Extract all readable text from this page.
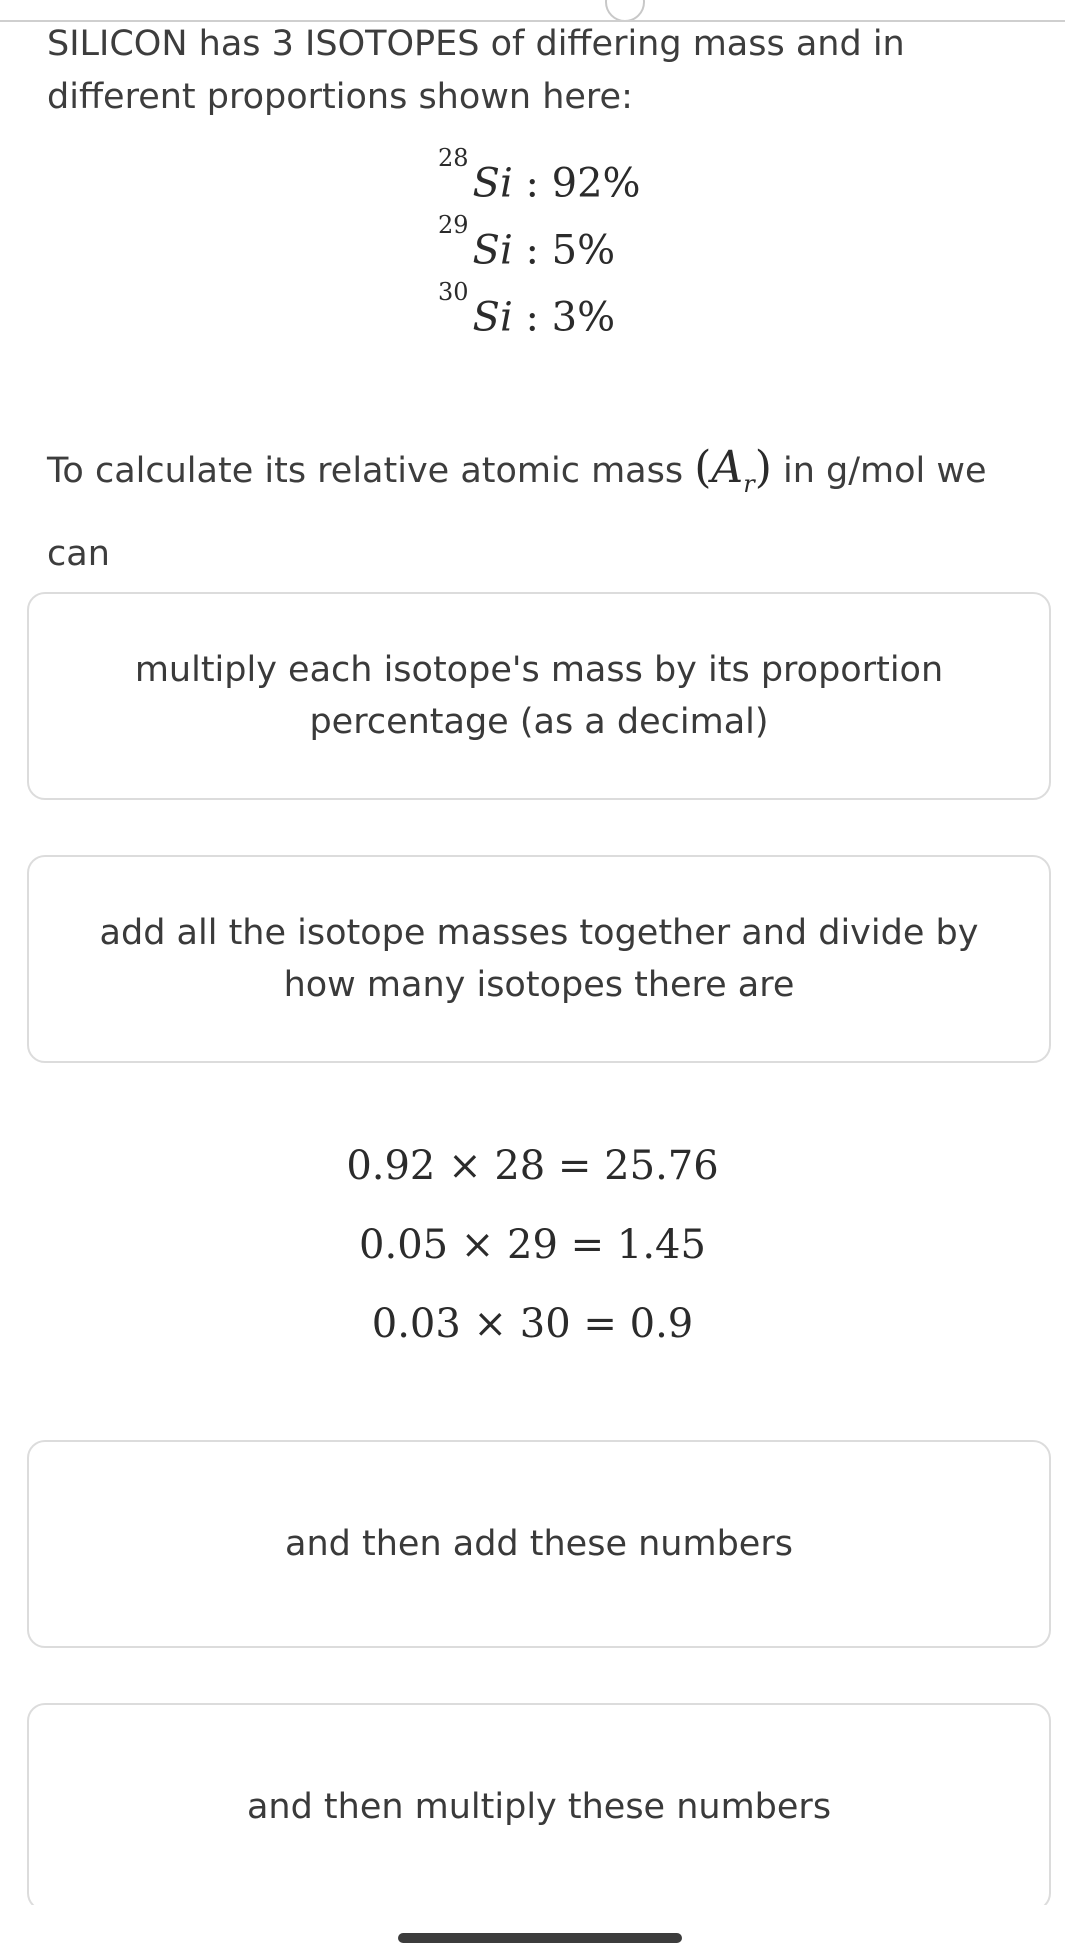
SILICON has 3 ISOTOPES of differing mass and in different proportions shown here:

$^{28}$Si : 92%
$^{29}$Si : 5%
$^{30}$Si : 3%

To calculate its relative atomic mass $(A_r)$ in g/mol we can

multiply each isotope's mass by its proportion percentage (as a decimal)
add all the isotope masses together and divide by how many isotopes there are
0.92 × 28 = 25.76
0.05 × 29 = 1.45
0.03 × 30 = 0.9
and then add these numbers
and then multiply these numbers
